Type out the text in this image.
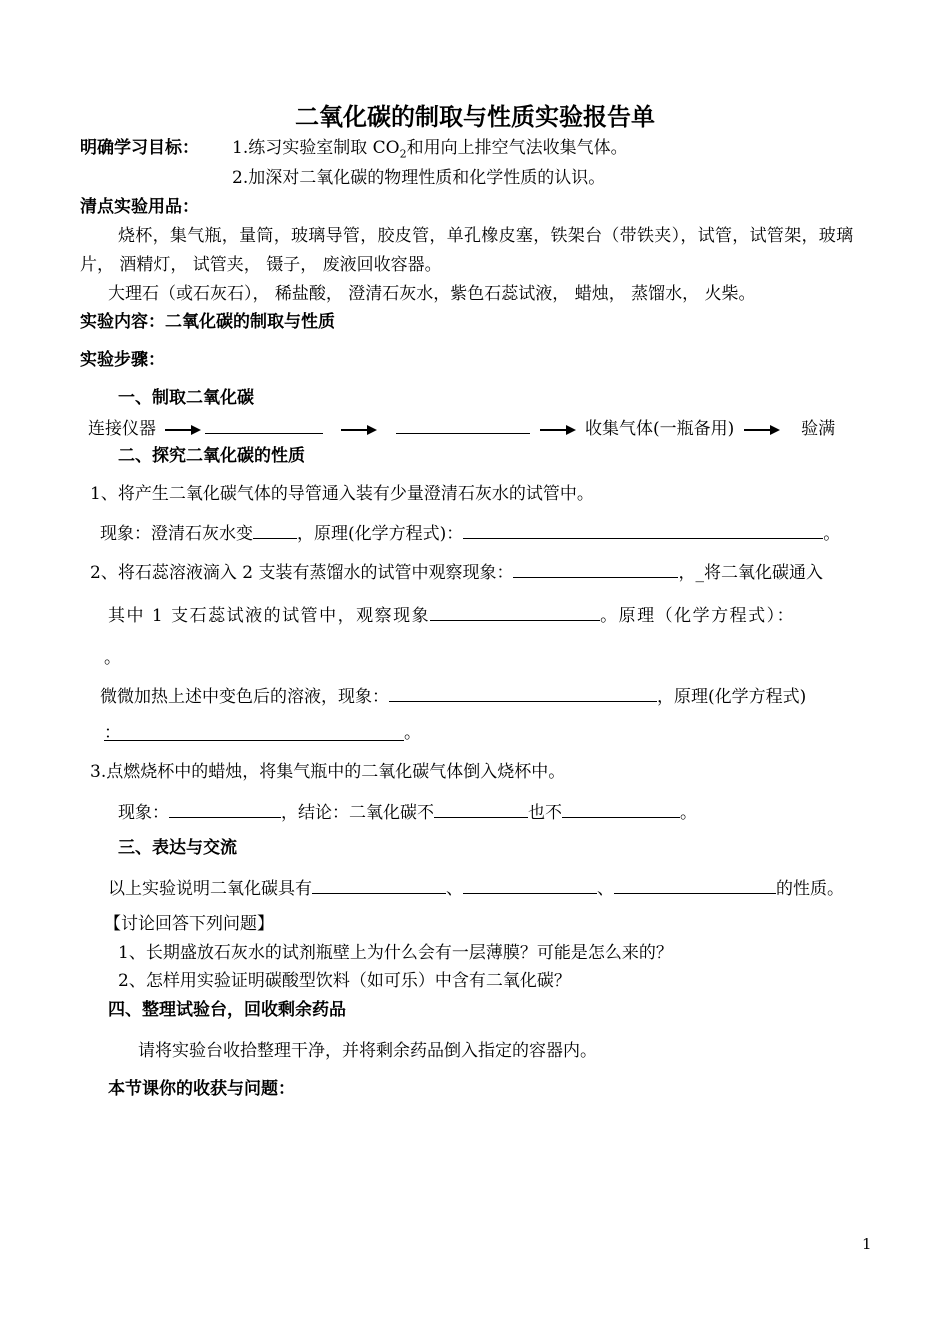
二氧化碳的制取与性质实验报告单
明确学习目标： 1.练习实验室制取 $CO_2$和用向上排空气法收集气体。
2.加深对二氧化碳的物理性质和化学性质的认识。
清点实验用品：
烧杯，集气瓶，量筒，玻璃导管，胶皮管，单孔橡皮塞，铁架台（带铁夹），试管，试管架，玻璃
片， 酒精灯， 试管夹， 镊子， 废液回收容器。
大理石（或石灰石）， 稀盐酸， 澄清石灰水，紫色石蕊试液， 蜡烛， 蒸馏水， 火柴。
实验内容：二氧化碳的制取与性质
实验步骤：
一、制取二氧化碳
连接仪器	收集气体(一瓶备用)	验满
二、探究二氧化碳的性质
1、将产生二氧化碳气体的导管通入装有少量澄清石灰水的试管中。
现象：澄清石灰水变	，原理(化学方程式)：	。
2、将石蕊溶液滴入 2 支装有蒸馏水的试管中观察现象：	，_将二氧化碳通入
其中 1 支石蕊试液的试管中，观察现象	。原理（化学方程式）：
。
微微加热上述中变色后的溶液，现象：	，原理(化学方程式)
：	。
3.点燃烧杯中的蜡烛，将集气瓶中的二氧化碳气体倒入烧杯中。
现象：	，结论：二氧化碳不	也不	。
三、表达与交流
以上实验说明二氧化碳具有	、	、	的性质。
【讨论回答下列问题】
1、长期盛放石灰水的试剂瓶壁上为什么会有一层薄膜？可能是怎么来的？
2、怎样用实验证明碳酸型饮料（如可乐）中含有二氧化碳？
四、整理试验台，回收剩余药品
请将实验台收拾整理干净，并将剩余药品倒入指定的容器内。
本节课你的收获与问题：
1
